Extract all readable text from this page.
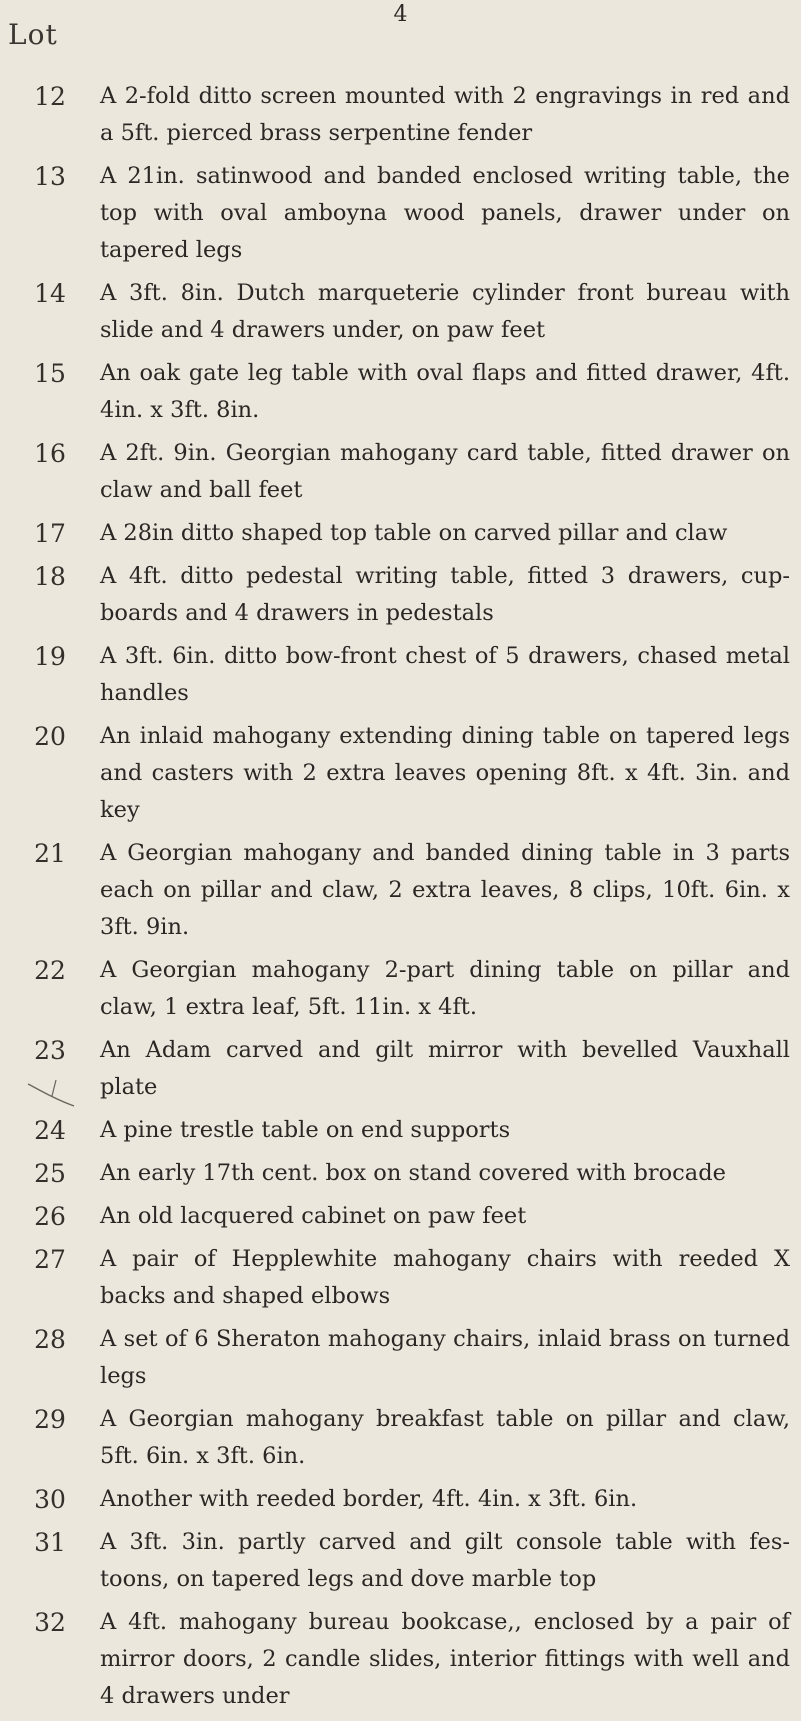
4
Lot
12	A 2-fold ditto screen mounted with 2 engravings in red and a 5ft. pierced brass serpentine fender

13	A 21in. satinwood and banded enclosed writing table, the top with oval amboyna wood panels, drawer under on tapered legs

14	A 3ft. 8in. Dutch marqueterie cylinder front bureau with slide and 4 drawers under, on paw feet

15	An oak gate leg table with oval flaps and fitted drawer, 4ft. 4in. x 3ft. 8in.

16	A 2ft. 9in. Georgian mahogany card table, fitted drawer on claw and ball feet

17	A 28in ditto shaped top table on carved pillar and claw

18	A 4ft. ditto pedestal writing table, fitted 3 drawers, cup-boards and 4 drawers in pedestals

19	A 3ft. 6in. ditto bow-front chest of 5 drawers, chased metal handles

20	An inlaid mahogany extending dining table on tapered legs and casters with 2 extra leaves opening 8ft. x 4ft. 3in. and key

21	A Georgian mahogany and banded dining table in 3 parts each on pillar and claw, 2 extra leaves, 8 clips, 10ft. 6in. x 3ft. 9in.

22	A Georgian mahogany 2-part dining table on pillar and claw, 1 extra leaf, 5ft. 11in. x 4ft.

23	An Adam carved and gilt mirror with bevelled Vauxhall plate

24	A pine trestle table on end supports

25	An early 17th cent. box on stand covered with brocade

26	An old lacquered cabinet on paw feet

27	A pair of Hepplewhite mahogany chairs with reeded X backs and shaped elbows

28	A set of 6 Sheraton mahogany chairs, inlaid brass on turned legs

29	A Georgian mahogany breakfast table on pillar and claw, 5ft. 6in. x 3ft. 6in.

30	Another with reeded border, 4ft. 4in. x 3ft. 6in.

31	A 3ft. 3in. partly carved and gilt console table with fes-toons, on tapered legs and dove marble top

32	A 4ft. mahogany bureau bookcase,, enclosed by a pair of mirror doors, 2 candle slides, interior fittings with well and 4 drawers under
